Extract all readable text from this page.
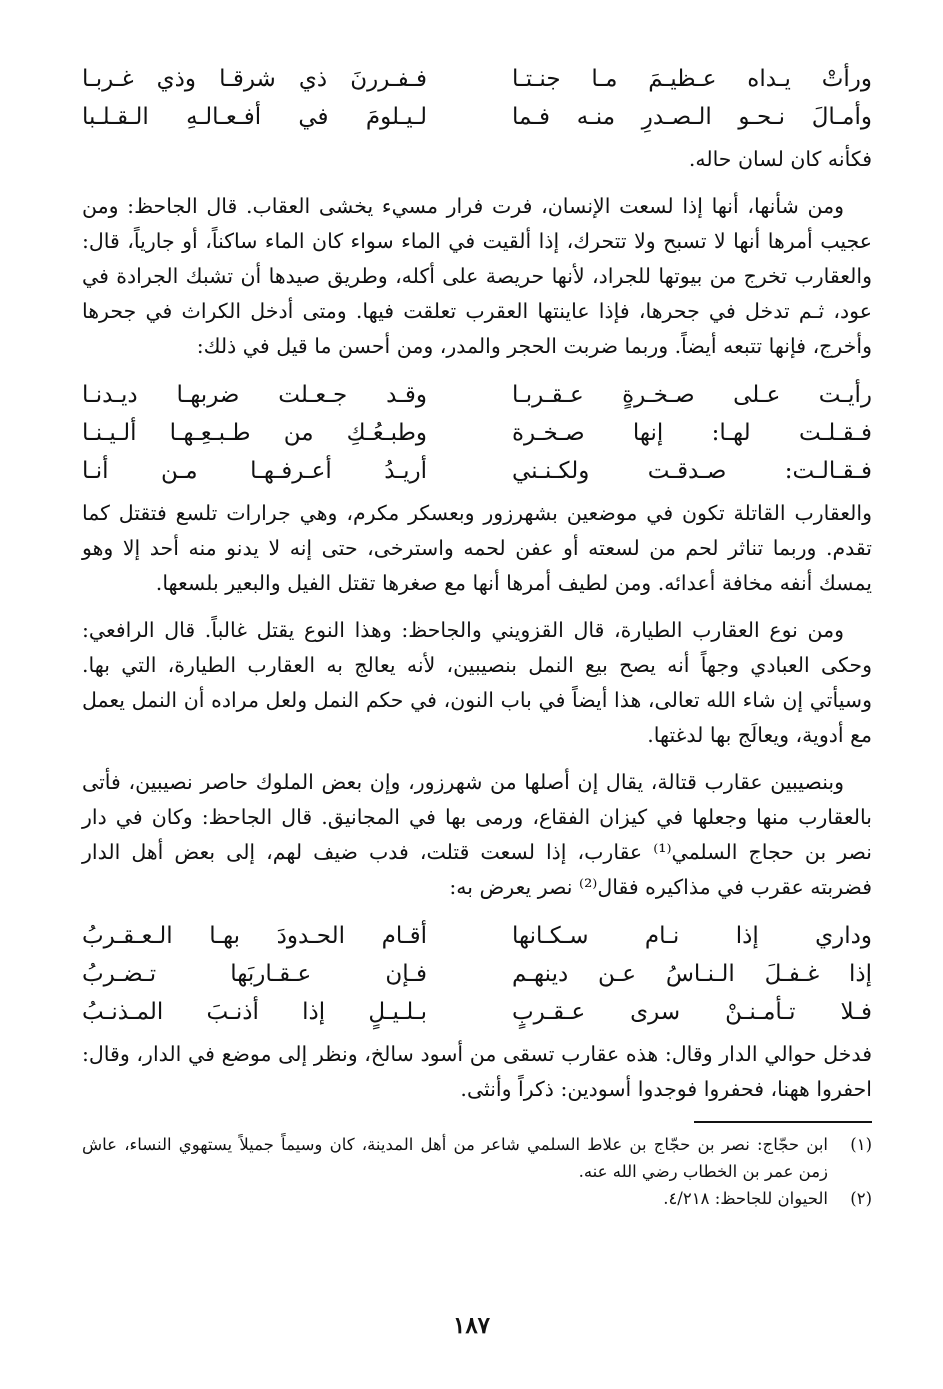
ورأتْ يـداه عـظيـمَ مـا جنـتـا
فـفـررنَ ذي شرقـا وذي غـربـا
وأمـالَ نـحـو الـصـدرِ منـه فـما
لـيـلومَ في أفـعـالـهِ الـقـلـبا

فكأنه كان لسان حاله.

ومن شأنها، أنها إذا لسعت الإنسان، فرت فرار مسيء يخشى العقاب. قال الجاحظ: ومن عجيب أمرها أنها لا تسبح ولا تتحرك، إذا ألقيت في الماء سواء كان الماء ساكناً، أو جارياً، قال: والعقارب تخرج من بيوتها للجراد، لأنها حريصة على أكله، وطريق صيدها أن تشبك الجرادة في عود، ثـم تدخل في جحرها، فإذا عاينتها العقرب تعلقت فيها. ومتى أدخل الكراث في جحرها وأخرج، فإنها تتبعه أيضاً. وربما ضربت الحجر والمدر، ومن أحسن ما قيل في ذلك:

رأيـت عـلى صـخـرةٍ عـقـربـا
وقـد جـعـلت ضربهـا ديـدنـا
فـقـلـت لهـا: إنها صـخـرة
وطبـعُـكِ من طـبـعِـهـا ألـيـنـا
فـقـالـت: صـدقـت ولكـنـني
أريـدُ أعـرفـهـا مـن أنـا

والعقارب القاتلة تكون في موضعين بشهرزور وبعسكر مكرم، وهي جرارات تلسع فتقتل كما تقدم. وربما تناثر لحم من لسعته أو عفن لحمه واسترخى، حتى إنه لا يدنو منه أحد إلا وهو يمسك أنفه مخافة أعدائه. ومن لطيف أمرها أنها مع صغرها تقتل الفيل والبعير بلسعها.

ومن نوع العقارب الطيارة، قال القزويني والجاحظ: وهذا النوع يقتل غالباً. قال الرافعي: وحكى العبادي وجهاً أنه يصح بيع النمل بنصيبين، لأنه يعالج به العقارب الطيارة، التي بها. وسيأتي إن شاء الله تعالى، هذا أيضاً في باب النون، في حكم النمل ولعل مراده أن النمل يعمل مع أدوية، ويعالَج بها لدغتها.

وبنصيبين عقارب قتالة، يقال إن أصلها من شهرزور، وإن بعض الملوك حاصر نصيبين، فأتى بالعقارب منها وجعلها في كيزان الفقاع، ورمى بها في المجانيق. قال الجاحظ: وكان في دار نصر بن حجاج السلمي⁽¹⁾ عقارب، إذا لسعت قتلت، فدب ضيف لهم، إلى بعض أهل الدار فضربته عقرب في مذاكيره فقال⁽²⁾ نصر يعرض به:

وداري إذا نـام سـكـانها
أقـام الحـدودَ بهـا الـعـقـربُ
إذا غـفـلَ الـنـاسُ عـن دينهـم
فـإن عـقـاربَها تـضـربُ
فـلا تـأمـنـنْ سرى عـقـربٍ
بـلـيـلٍ إذا أذنـبَ المـذنـبُ

فدخل حوالي الدار وقال: هذه عقارب تسقى من أسود سالخ، ونظر إلى موضع في الدار، وقال: احفروا ههنا، فحفروا فوجدوا أسودين: ذكراً وأنثى.

(١)
ابن حجّاج: نصر بن حجّاج بن علاط السلمي شاعر من أهل المدينة، كان وسيماً جميلاً يستهوي النساء، عاش زمن عمر بن الخطاب رضي الله عنه.
(٢)
الحيوان للجاحظ: ٤/٢١٨.
١٨٧
